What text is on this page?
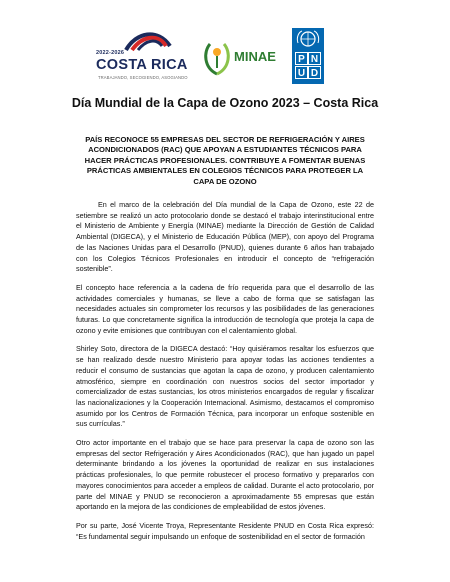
2022-2026
COSTA RICA
TRABAJANDO, SECOGIENDO, ASOGIANDO
MINAE	P N
U D
Día Mundial de la Capa de Ozono 2023 – Costa Rica

PAÍS RECONOCE 55 EMPRESAS DEL SECTOR DE REFRIGERACIÓN Y AIRES ACONDICIONADOS (RAC) QUE APOYAN A ESTUDIANTES TÉCNICOS PARA HACER PRÁCTICAS PROFESIONALES. CONTRIBUYE A FOMENTAR BUENAS PRÁCTICAS AMBIENTALES EN COLEGIOS TÉCNICOS PARA PROTEGER LA CAPA DE OZONO

En el marco de la celebración del Día mundial de la Capa de Ozono, este 22 de setiembre se realizó un acto protocolario donde se destacó el trabajo interinstitucional entre el Ministerio de Ambiente y Energía (MINAE) mediante la Dirección de Gestión de Calidad Ambiental (DIGECA), y el Ministerio de Educación Pública (MEP), con apoyo del Programa de las Naciones Unidas para el Desarrollo (PNUD), quienes durante 6 años han trabajado con los Colegios Técnicos Profesionales en introducir el concepto de “refrigeración sostenible”.

El concepto hace referencia a la cadena de frío requerida para que el desarrollo de las actividades comerciales y humanas, se lleve a cabo de forma que se satisfagan las necesidades actuales sin comprometer los recursos y las posibilidades de las generaciones futuras. Lo que concretamente significa la introducción de tecnología que proteja la capa de ozono y evite emisiones que contribuyan con el calentamiento global.

Shirley Soto, directora de la DIGECA destacó: “Hoy quisiéramos resaltar los esfuerzos que se han realizado desde nuestro Ministerio para apoyar todas las acciones tendientes a reducir el consumo de sustancias que agotan la capa de ozono, y producen calentamiento atmosférico, siempre en coordinación con nuestros socios del sector importador y comercializador de estas sustancias, los otros ministerios encargados de regular y fiscalizar las nacionalizaciones y la Cooperación Internacional. Asimismo, destacamos el compromiso asumido por los Centros de Formación Técnica, para incorporar un enfoque sostenible en sus currículas.”

Otro actor importante en el trabajo que se hace para preservar la capa de ozono son las empresas del sector Refrigeración y Aires Acondicionados (RAC), que han jugado un papel determinante brindando a los jóvenes la oportunidad de realizar en sus instalaciones prácticas profesionales, lo que permite robustecer el proceso formativo y prepararlos con mayores conocimientos para acceder a empleos de calidad. Durante el acto protocolario, por parte del MINAE y PNUD se reconocieron a aproximadamente 55 empresas que están aportando en la mejora de las condiciones de empleabilidad de estos jóvenes.

Por su parte, José Vicente Troya, Representante Residente PNUD en Costa Rica expresó: “Es fundamental seguir impulsando un enfoque de sostenibilidad en el sector de formación
